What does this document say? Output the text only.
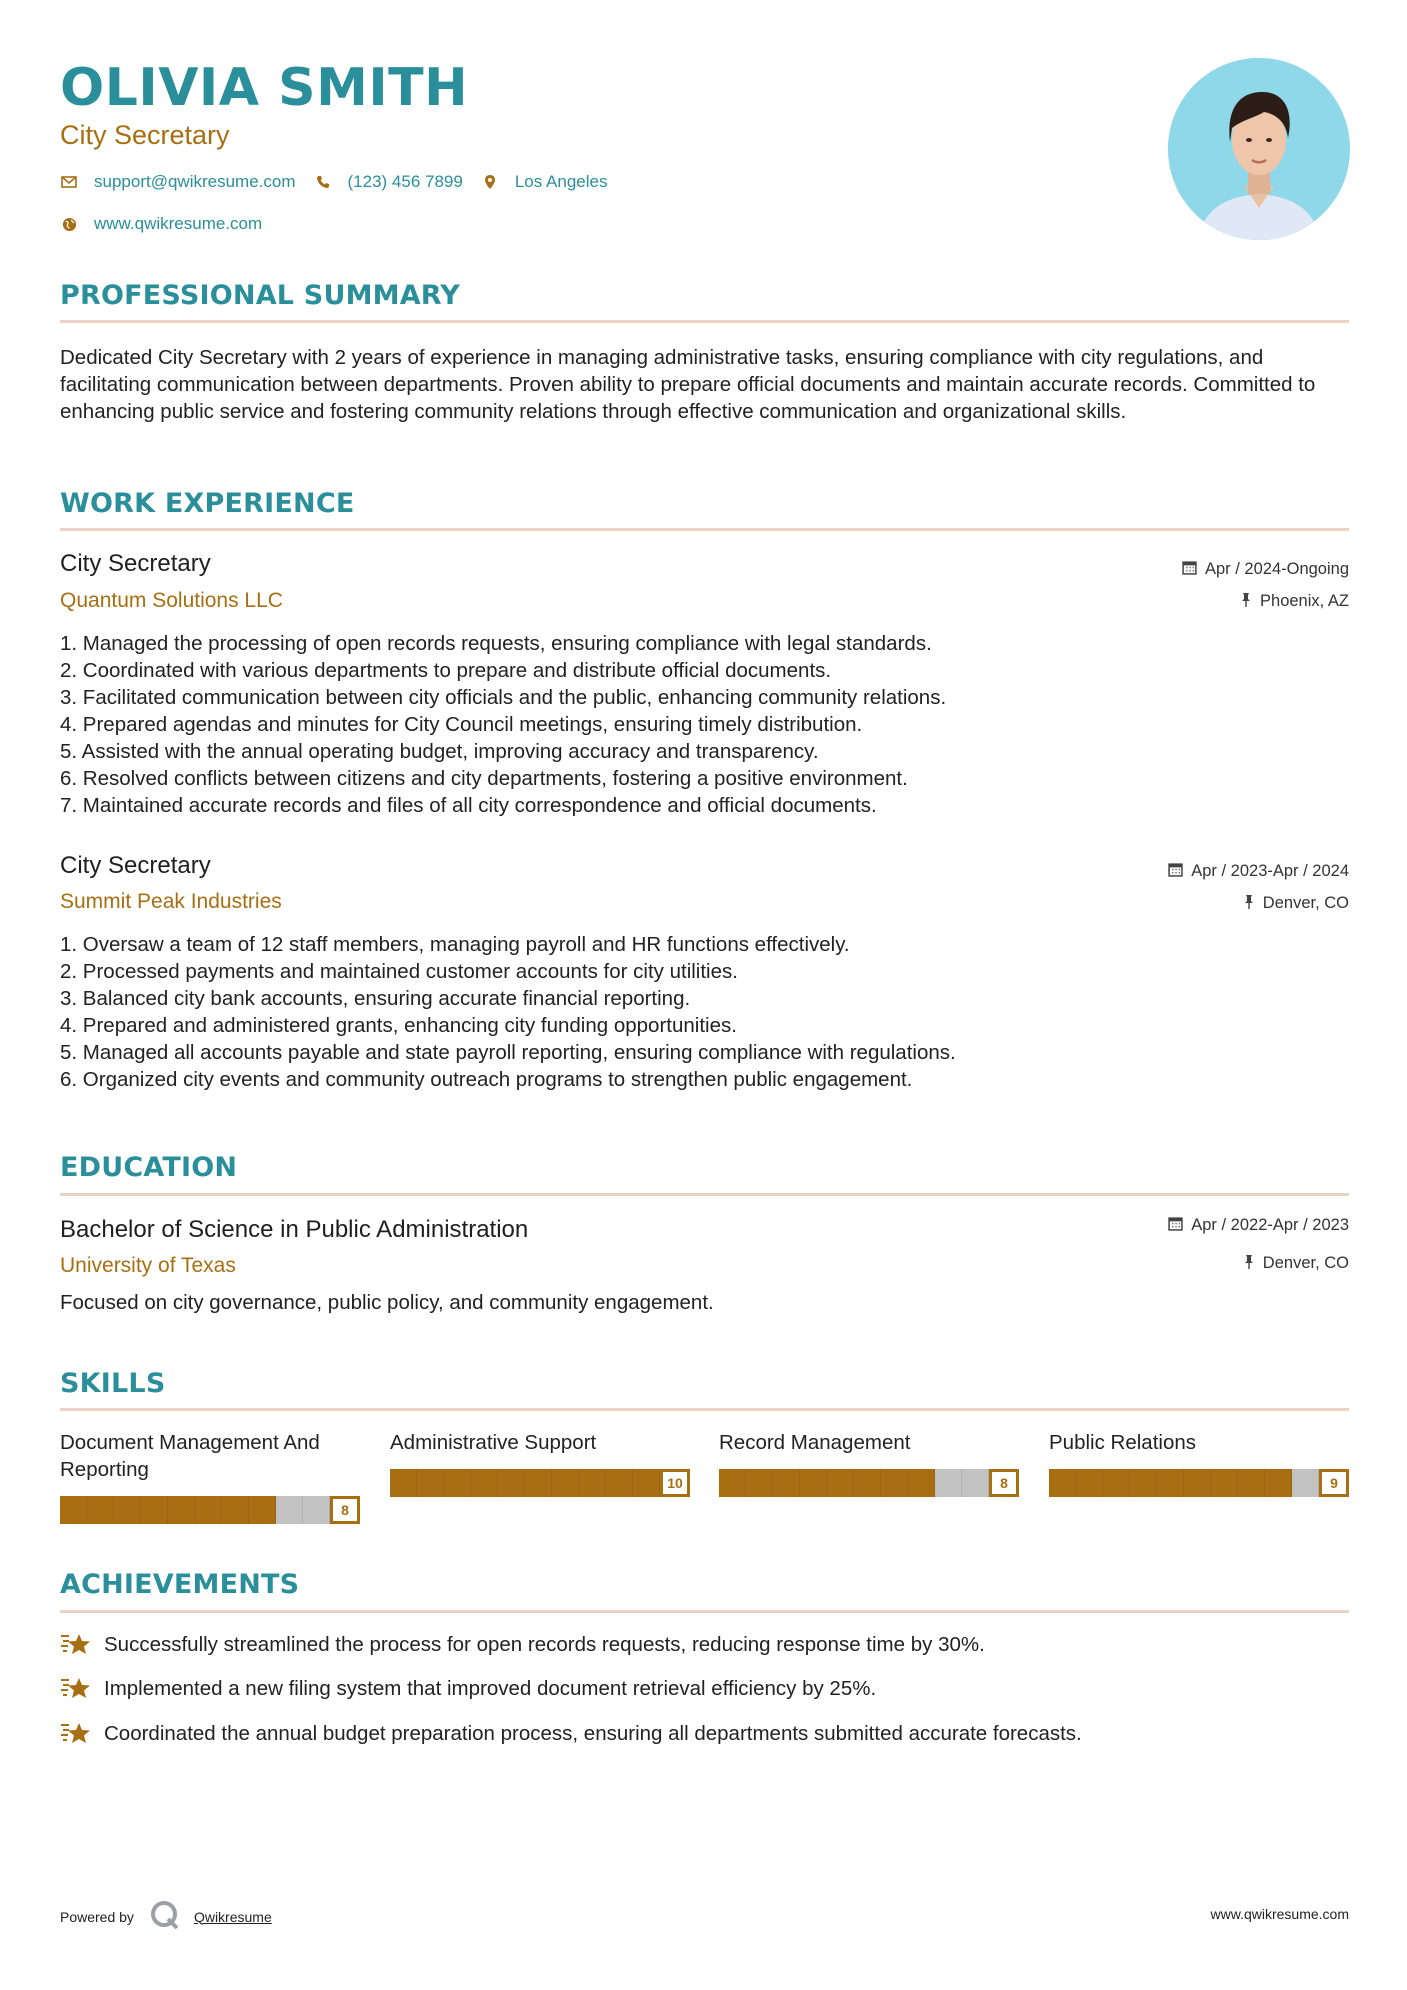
OLIVIA SMITH
City Secretary
support@qwikresume.com	(123) 456 7899	Los Angeles
www.qwikresume.com
PROFESSIONAL SUMMARY
Dedicated City Secretary with 2 years of experience in managing administrative tasks, ensuring compliance with city regulations, and facilitating communication between departments. Proven ability to prepare official documents and maintain accurate records. Committed to enhancing public service and fostering community relations through effective communication and organizational skills.
WORK EXPERIENCE
City Secretary
Quantum Solutions LLC
Apr / 2024-Ongoing
Phoenix, AZ
1. Managed the processing of open records requests, ensuring compliance with legal standards.
2. Coordinated with various departments to prepare and distribute official documents.
3. Facilitated communication between city officials and the public, enhancing community relations.
4. Prepared agendas and minutes for City Council meetings, ensuring timely distribution.
5. Assisted with the annual operating budget, improving accuracy and transparency.
6. Resolved conflicts between citizens and city departments, fostering a positive environment.
7. Maintained accurate records and files of all city correspondence and official documents.
City Secretary
Summit Peak Industries
Apr / 2023-Apr / 2024
Denver, CO
1. Oversaw a team of 12 staff members, managing payroll and HR functions effectively.
2. Processed payments and maintained customer accounts for city utilities.
3. Balanced city bank accounts, ensuring accurate financial reporting.
4. Prepared and administered grants, enhancing city funding opportunities.
5. Managed all accounts payable and state payroll reporting, ensuring compliance with regulations.
6. Organized city events and community outreach programs to strengthen public engagement.
EDUCATION
Bachelor of Science in Public Administration
University of Texas
Apr / 2022-Apr / 2023
Denver, CO
Focused on city governance, public policy, and community engagement.
SKILLS
Document Management And Reporting
8
Administrative Support
10
Record Management
8
Public Relations
9
ACHIEVEMENTS
Successfully streamlined the process for open records requests, reducing response time by 30%.
Implemented a new filing system that improved document retrieval efficiency by 25%.
Coordinated the annual budget preparation process, ensuring all departments submitted accurate forecasts.
Powered by	Qwikresume	www.qwikresume.com
